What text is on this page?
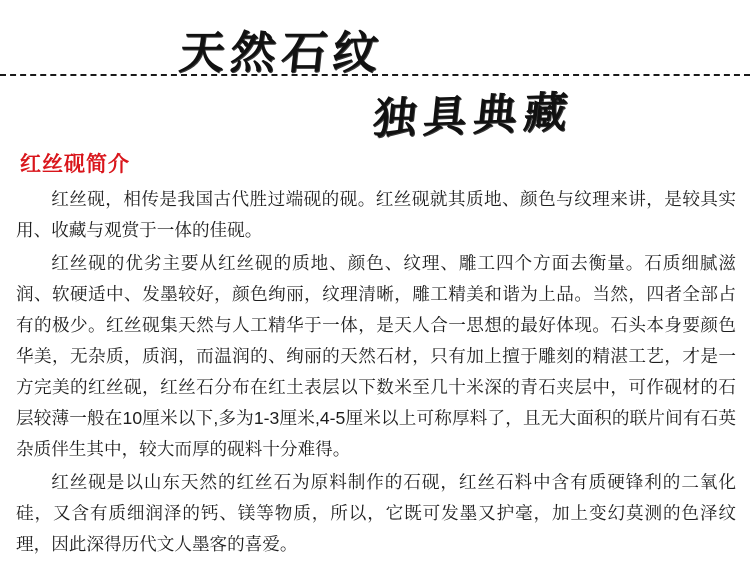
天然石纹
独具典藏
红丝砚简介

红丝砚，相传是我国古代胜过端砚的砚。红丝砚就其质地、颜色与纹理来讲，是较具实用、收藏与观赏于一体的佳砚。

红丝砚的优劣主要从红丝砚的质地、颜色、纹理、雕工四个方面去衡量。石质细腻滋润、软硬适中、发墨较好，颜色绚丽，纹理清晰，雕工精美和谐为上品。当然，四者全部占有的极少。红丝砚集天然与人工精华于一体，是天人合一思想的最好体现。石头本身要颜色华美，无杂质，质润，而温润的、绚丽的天然石材，只有加上擅于雕刻的精湛工艺，才是一方完美的红丝砚，红丝石分布在红土表层以下数米至几十米深的青石夹层中，可作砚材的石层较薄一般在10厘米以下,多为1-3厘米,4-5厘米以上可称厚料了，且无大面积的联片间有石英杂质伴生其中，较大而厚的砚料十分难得。

红丝砚是以山东天然的红丝石为原料制作的石砚，红丝石料中含有质硬锋利的二氧化硅，又含有质细润泽的钙、镁等物质，所以，它既可发墨又护毫，加上变幻莫测的色泽纹理，因此深得历代文人墨客的喜爱。
